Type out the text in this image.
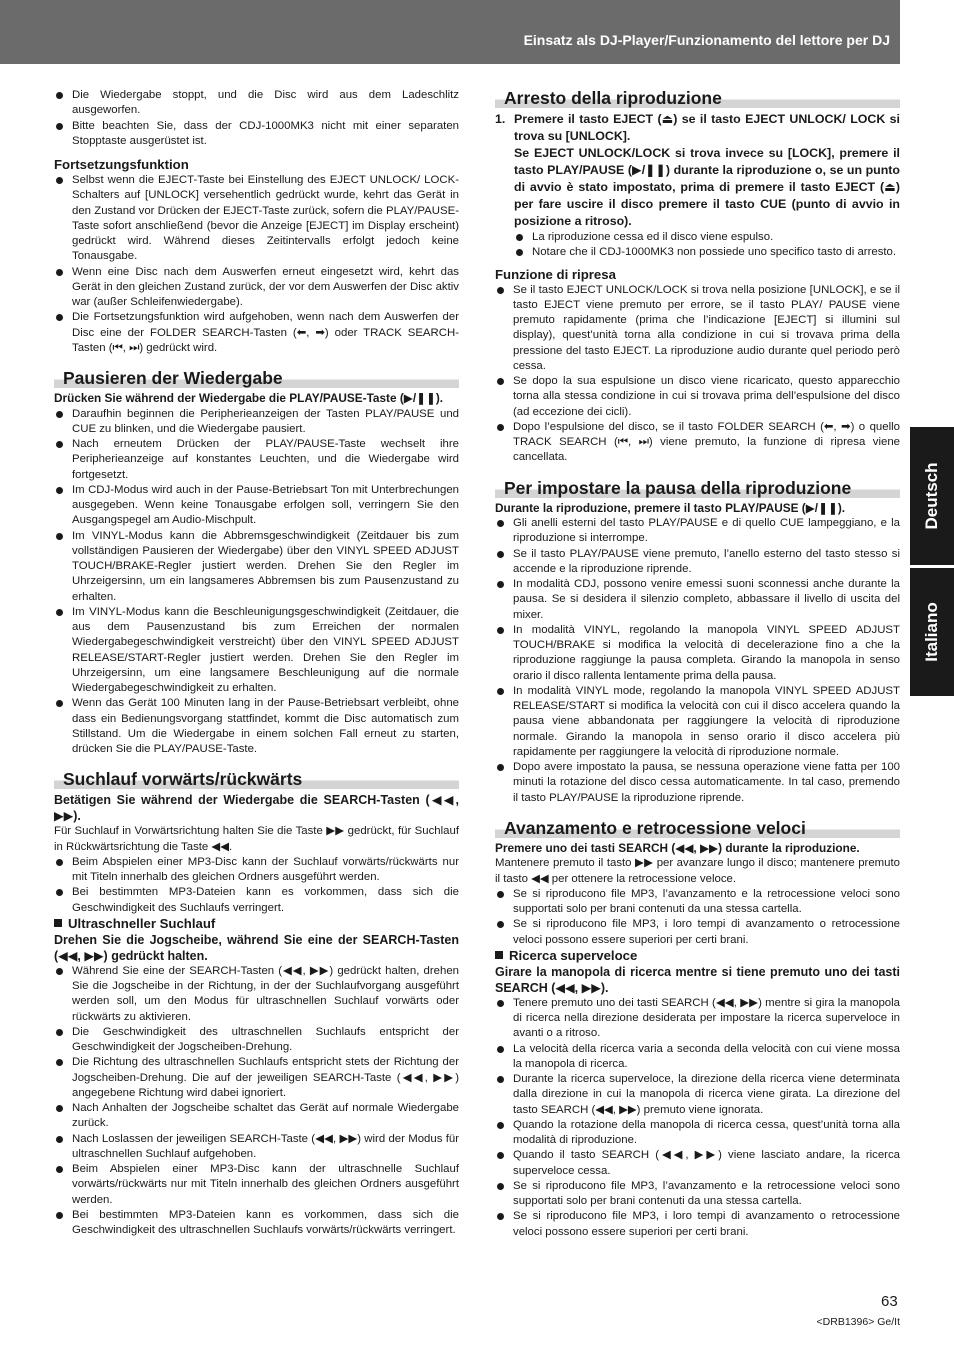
Einsatz als DJ-Player/Funzionamento del lettore per DJ
Deutsch
Italiano
Die Wiedergabe stoppt, und die Disc wird aus dem Ladeschlitz ausgeworfen.
Bitte beachten Sie, dass der CDJ-1000MK3 nicht mit einer separaten Stopptaste ausgerüstet ist.

Fortsetzungsfunktion

Selbst wenn die EJECT-Taste bei Einstellung des EJECT UNLOCK/ LOCK-Schalters auf [UNLOCK] versehentlich gedrückt wurde, kehrt das Gerät in den Zustand vor Drücken der EJECT-Taste zurück, sofern die PLAY/PAUSE-Taste sofort anschließend (bevor die Anzeige [EJECT] im Display erscheint) gedrückt wird. Während dieses Zeitintervalls erfolgt jedoch keine Tonausgabe.
Wenn eine Disc nach dem Auswerfen erneut eingesetzt wird, kehrt das Gerät in den gleichen Zustand zurück, der vor dem Auswerfen der Disc aktiv war (außer Schleifenwiedergabe).
Die Fortsetzungsfunktion wird aufgehoben, wenn nach dem Auswerfen der Disc eine der FOLDER SEARCH-Tasten (⬅, ➡) oder TRACK SEARCH-Tasten (⏮, ⏭) gedrückt wird.
Pausieren der Wiedergabe

Drücken Sie während der Wiedergabe die PLAY/PAUSE-Taste (▶/❚❚).

Daraufhin beginnen die Peripherieanzeigen der Tasten PLAY/PAUSE und CUE zu blinken, und die Wiedergabe pausiert.
Nach erneutem Drücken der PLAY/PAUSE-Taste wechselt ihre Peripherieanzeige auf konstantes Leuchten, und die Wiedergabe wird fortgesetzt.
Im CDJ-Modus wird auch in der Pause-Betriebsart Ton mit Unterbrechungen ausgegeben. Wenn keine Tonausgabe erfolgen soll, verringern Sie den Ausgangspegel am Audio-Mischpult.
Im VINYL-Modus kann die Abbremsgeschwindigkeit (Zeitdauer bis zum vollständigen Pausieren der Wiedergabe) über den VINYL SPEED ADJUST TOUCH/BRAKE-Regler justiert werden. Drehen Sie den Regler im Uhrzeigersinn, um ein langsameres Abbremsen bis zum Pausenzustand zu erhalten.
Im VINYL-Modus kann die Beschleunigungsgeschwindigkeit (Zeitdauer, die aus dem Pausenzustand bis zum Erreichen der normalen Wiedergabegeschwindigkeit verstreicht) über den VINYL SPEED ADJUST RELEASE/START-Regler justiert werden. Drehen Sie den Regler im Uhrzeigersinn, um eine langsamere Beschleunigung auf die normale Wiedergabegeschwindigkeit zu erhalten.
Wenn das Gerät 100 Minuten lang in der Pause-Betriebsart verbleibt, ohne dass ein Bedienungsvorgang stattfindet, kommt die Disc automatisch zum Stillstand. Um die Wiedergabe in einem solchen Fall erneut zu starten, drücken Sie die PLAY/PAUSE-Taste.
Suchlauf vorwärts/rückwärts

Betätigen Sie während der Wiedergabe die SEARCH-Tasten (◀◀, ▶▶).

Für Suchlauf in Vorwärtsrichtung halten Sie die Taste ▶▶ gedrückt, für Suchlauf in Rückwärtsrichtung die Taste ◀◀.

Beim Abspielen einer MP3-Disc kann der Suchlauf vorwärts/rückwärts nur mit Titeln innerhalb des gleichen Ordners ausgeführt werden.
Bei bestimmten MP3-Dateien kann es vorkommen, dass sich die Geschwindigkeit des Suchlaufs verringert.

Ultraschneller Suchlauf

Drehen Sie die Jogscheibe, während Sie eine der SEARCH-Tasten (◀◀, ▶▶) gedrückt halten.

Während Sie eine der SEARCH-Tasten (◀◀, ▶▶) gedrückt halten, drehen Sie die Jogscheibe in der Richtung, in der der Suchlaufvorgang ausgeführt werden soll, um den Modus für ultraschnellen Suchlauf vorwärts oder rückwärts zu aktivieren.
Die Geschwindigkeit des ultraschnellen Suchlaufs entspricht der Geschwindigkeit der Jogscheiben-Drehung.
Die Richtung des ultraschnellen Suchlaufs entspricht stets der Richtung der Jogscheiben-Drehung. Die auf der jeweiligen SEARCH-Taste (◀◀, ▶▶) angegebene Richtung wird dabei ignoriert.
Nach Anhalten der Jogscheibe schaltet das Gerät auf normale Wiedergabe zurück.
Nach Loslassen der jeweiligen SEARCH-Taste (◀◀, ▶▶) wird der Modus für ultraschnellen Suchlauf aufgehoben.
Beim Abspielen einer MP3-Disc kann der ultraschnelle Suchlauf vorwärts/rückwärts nur mit Titeln innerhalb des gleichen Ordners ausgeführt werden.
Bei bestimmten MP3-Dateien kann es vorkommen, dass sich die Geschwindigkeit des ultraschnellen Suchlaufs vorwärts/rückwärts verringert.
Arresto della riproduzione
1. Premere il tasto EJECT (⏏) se il tasto EJECT UNLOCK/ LOCK si trova su [UNLOCK].
Se EJECT UNLOCK/LOCK si trova invece su [LOCK], premere il tasto PLAY/PAUSE (▶/❚❚) durante la riproduzione o, se un punto di avvio è stato impostato, prima di premere il tasto EJECT (⏏) per fare uscire il disco premere il tasto CUE (punto di avvio in posizione a ritroso).
La riproduzione cessa ed il disco viene espulso.
Notare che il CDJ-1000MK3 non possiede uno specifico tasto di arresto.

Funzione di ripresa

Se il tasto EJECT UNLOCK/LOCK si trova nella posizione [UNLOCK], e se il tasto EJECT viene premuto per errore, se il tasto PLAY/ PAUSE viene premuto rapidamente (prima che l’indicazione [EJECT] si illumini sul display), quest’unità torna alla condizione in cui si trovava prima della pressione del tasto EJECT. La riproduzione audio durante quel periodo però cessa.
Se dopo la sua espulsione un disco viene ricaricato, questo apparecchio torna alla stessa condizione in cui si trovava prima dell’espulsione del disco (ad eccezione dei cicli).
Dopo l’espulsione del disco, se il tasto FOLDER SEARCH (⬅, ➡) o quello TRACK SEARCH (⏮, ⏭) viene premuto, la funzione di ripresa viene cancellata.
Per impostare la pausa della riproduzione

Durante la riproduzione, premere il tasto PLAY/PAUSE (▶/❚❚).

Gli anelli esterni del tasto PLAY/PAUSE e di quello CUE lampeggiano, e la riproduzione si interrompe.
Se il tasto PLAY/PAUSE viene premuto, l’anello esterno del tasto stesso si accende e la riproduzione riprende.
In modalità CDJ, possono venire emessi suoni sconnessi anche durante la pausa. Se si desidera il silenzio completo, abbassare il livello di uscita del mixer.
In modalità VINYL, regolando la manopola VINYL SPEED ADJUST TOUCH/BRAKE si modifica la velocità di decelerazione fino a che la riproduzione raggiunge la pausa completa. Girando la manopola in senso orario il disco rallenta lentamente prima della pausa.
In modalità VINYL mode, regolando la manopola VINYL SPEED ADJUST RELEASE/START si modifica la velocità con cui il disco accelera quando la pausa viene abbandonata per raggiungere la velocità di riproduzione normale. Girando la manopola in senso orario il disco accelera più rapidamente per raggiungere la velocità di riproduzione normale.
Dopo avere impostato la pausa, se nessuna operazione viene fatta per 100 minuti la rotazione del disco cessa automaticamente. In tal caso, premendo il tasto PLAY/PAUSE la riproduzione riprende.
Avanzamento e retrocessione veloci

Premere uno dei tasti SEARCH (◀◀, ▶▶) durante la riproduzione.

Mantenere premuto il tasto ▶▶ per avanzare lungo il disco; mantenere premuto il tasto ◀◀ per ottenere la retrocessione veloce.

Se si riproducono file MP3, l’avanzamento e la retrocessione veloci sono supportati solo per brani contenuti da una stessa cartella.
Se si riproducono file MP3, i loro tempi di avanzamento o retrocessione veloci possono essere superiori per certi brani.

Ricerca superveloce

Girare la manopola di ricerca mentre si tiene premuto uno dei tasti SEARCH (◀◀, ▶▶).

Tenere premuto uno dei tasti SEARCH (◀◀, ▶▶) mentre si gira la manopola di ricerca nella direzione desiderata per impostare la ricerca superveloce in avanti o a ritroso.
La velocità della ricerca varia a seconda della velocità con cui viene mossa la manopola di ricerca.
Durante la ricerca superveloce, la direzione della ricerca viene determinata dalla direzione in cui la manopola di ricerca viene girata. La direzione del tasto SEARCH (◀◀, ▶▶) premuto viene ignorata.
Quando la rotazione della manopola di ricerca cessa, quest’unità torna alla modalità di riproduzione.
Quando il tasto SEARCH (◀◀, ▶▶) viene lasciato andare, la ricerca superveloce cessa.
Se si riproducono file MP3, l’avanzamento e la retrocessione veloci sono supportati solo per brani contenuti da una stessa cartella.
Se si riproducono file MP3, i loro tempi di avanzamento o retrocessione veloci possono essere superiori per certi brani.
63
<DRB1396> Ge/It
